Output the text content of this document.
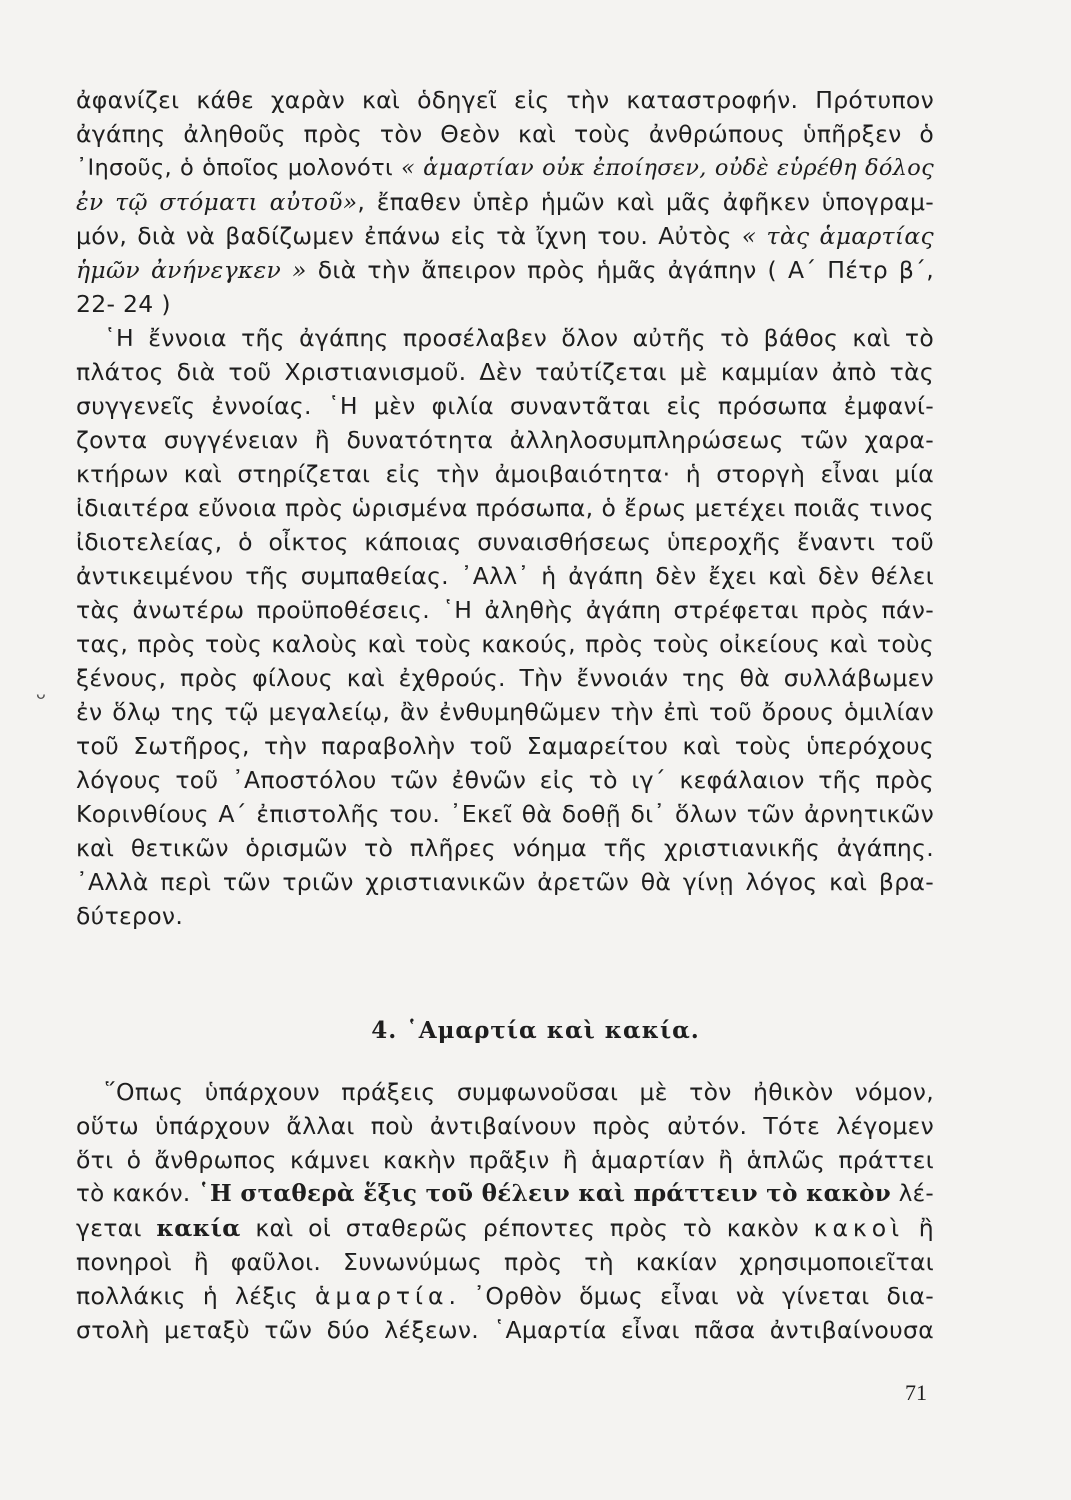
ἀφανίζει κάθε χαρὰν καὶ ὁδηγεῖ εἰς τὴν καταστροφήν. Πρότυπον
ἀγάπης ἀληθοῦς πρὸς τὸν Θεὸν καὶ τοὺς ἀνθρώπους ὑπῆρξεν ὁ
᾿Ιησοῦς, ὁ ὁποῖος μολονότι « ἁμαρτίαν οὐκ ἐποίησεν, οὐδὲ εὑρέθη δόλος
ἐν τῷ στόματι αὐτοῦ», ἔπαθεν ὑπὲρ ἡμῶν καὶ μᾶς ἀφῆκεν ὑπογραμ-
μόν, διὰ νὰ βαδίζωμεν ἐπάνω εἰς τὰ ἴχνη του. Αὐτὸς « τὰς ἁμαρτίας
ἡμῶν ἀνήνεγκεν » διὰ τὴν ἄπειρον πρὸς ἡμᾶς ἀγάπην ( Α΄ Πέτρ β΄,
22- 24 )
῾Η ἔννοια τῆς ἀγάπης προσέλαβεν ὅλον αὐτῆς τὸ βάθος καὶ τὸ
πλάτος διὰ τοῦ Χριστιανισμοῦ. Δὲν ταὐτίζεται μὲ καμμίαν ἀπὸ τὰς
συγγενεῖς ἐννοίας. ῾Η μὲν φιλία συναντᾶται εἰς πρόσωπα ἐμφανί-
ζοντα συγγένειαν ἢ δυνατότητα ἀλληλοσυμπληρώσεως τῶν χαρα-
κτήρων καὶ στηρίζεται εἰς τὴν ἀμοιβαιότητα· ἡ στοργὴ εἶναι μία
ἰδιαιτέρα εὔνοια πρὸς ὡρισμένα πρόσωπα, ὁ ἔρως μετέχει ποιᾶς τινος
ἰδιοτελείας, ὁ οἶκτος κάποιας συναισθήσεως ὑπεροχῆς ἔναντι τοῦ
ἀντικειμένου τῆς συμπαθείας. ᾿Αλλ᾿ ἡ ἀγάπη δὲν ἔχει καὶ δὲν θέλει
τὰς ἀνωτέρω προϋποθέσεις. ῾Η ἀληθὴς ἀγάπη στρέφεται πρὸς πάν-
τας, πρὸς τοὺς καλοὺς καὶ τοὺς κακούς, πρὸς τοὺς οἰκείους καὶ τοὺς
ξένους, πρὸς φίλους καὶ ἐχθρούς. Τὴν ἔννοιάν της θὰ συλλάβωμεν
ἐν ὅλῳ της τῷ μεγαλείῳ, ἂν ἐνθυμηθῶμεν τὴν ἐπὶ τοῦ ὄρους ὁμιλίαν
τοῦ Σωτῆρος, τὴν παραβολὴν τοῦ Σαμαρείτου καὶ τοὺς ὑπερόχους
λόγους τοῦ ᾿Αποστόλου τῶν ἐθνῶν εἰς τὸ ιγ΄ κεφάλαιον τῆς πρὸς
Κορινθίους Α΄ ἐπιστολῆς του. ᾿Εκεῖ θὰ δοθῇ δι᾿ ὅλων τῶν ἀρνητικῶν
καὶ θετικῶν ὁρισμῶν τὸ πλῆρες νόημα τῆς χριστιανικῆς ἀγάπης.
᾿Αλλὰ περὶ τῶν τριῶν χριστιανικῶν ἀρετῶν θὰ γίνῃ λόγος καὶ βρα-
δύτερον.
4. ῾Αμαρτία καὶ κακία.
῞Οπως ὑπάρχουν πράξεις συμφωνοῦσαι μὲ τὸν ἠθικὸν νόμον,
οὕτω ὑπάρχουν ἄλλαι ποὺ ἀντιβαίνουν πρὸς αὐτόν. Τότε λέγομεν
ὅτι ὁ ἄνθρωπος κάμνει κακὴν πρᾶξιν ἢ ἁμαρτίαν ἢ ἁπλῶς πράττει
τὸ κακόν. ῾Η σταθερὰ ἕξις τοῦ θέλειν καὶ πράττειν τὸ κακὸν λέ-
γεται κακία καὶ οἱ σταθερῶς ρέποντες πρὸς τὸ κακὸν κακοὶ ἢ
πονηροὶ ἢ φαῦλοι. Συνωνύμως πρὸς τὴ κακίαν χρησιμοποιεῖται
πολλάκις ἡ λέξις ἁμαρτία. ᾿Ορθὸν ὅμως εἶναι νὰ γίνεται δια-
στολὴ μεταξὺ τῶν δύο λέξεων. ῾Αμαρτία εἶναι πᾶσα ἀντιβαίνουσα
ᴗ
71
